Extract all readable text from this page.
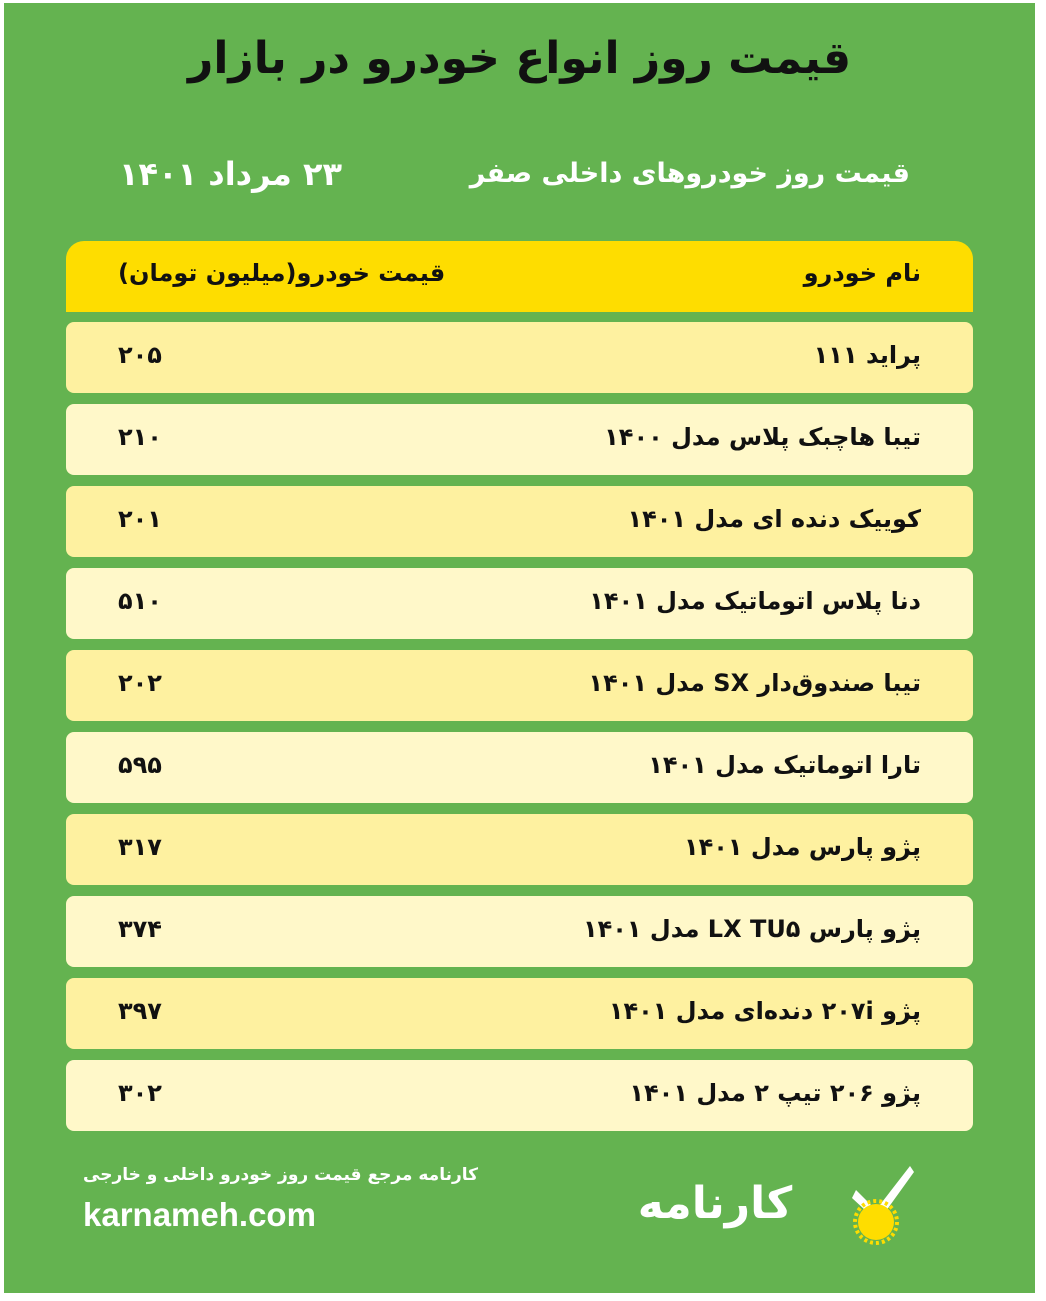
قیمت روز انواع خودرو در بازار
قیمت روز خودروهای داخلی صفر
۲۳ مرداد ۱۴۰۱
نام خودرو
قیمت خودرو(میلیون تومان)
پراید ۱۱۱
۲۰۵
تیبا هاچبک پلاس مدل ۱۴۰۰
۲۱۰
کوییک دنده ای مدل ۱۴۰۱
۲۰۱
دنا پلاس اتوماتیک مدل ۱۴۰۱
۵۱۰
تیبا صندوق‌دار SX مدل ۱۴۰۱
۲۰۲
تارا اتوماتیک مدل ۱۴۰۱
۵۹۵
پژو پارس مدل ۱۴۰۱
۳۱۷
پژو پارس LX TU۵ مدل ۱۴۰۱
۳۷۴
پژو ۲۰۷i دنده‌ای مدل ۱۴۰۱
۳۹۷
پژو ۲۰۶ تیپ ۲ مدل ۱۴۰۱
۳۰۲
کارنامه مرجع قیمت روز خودرو داخلی و خارجی
karnameh.com	کارنامه
